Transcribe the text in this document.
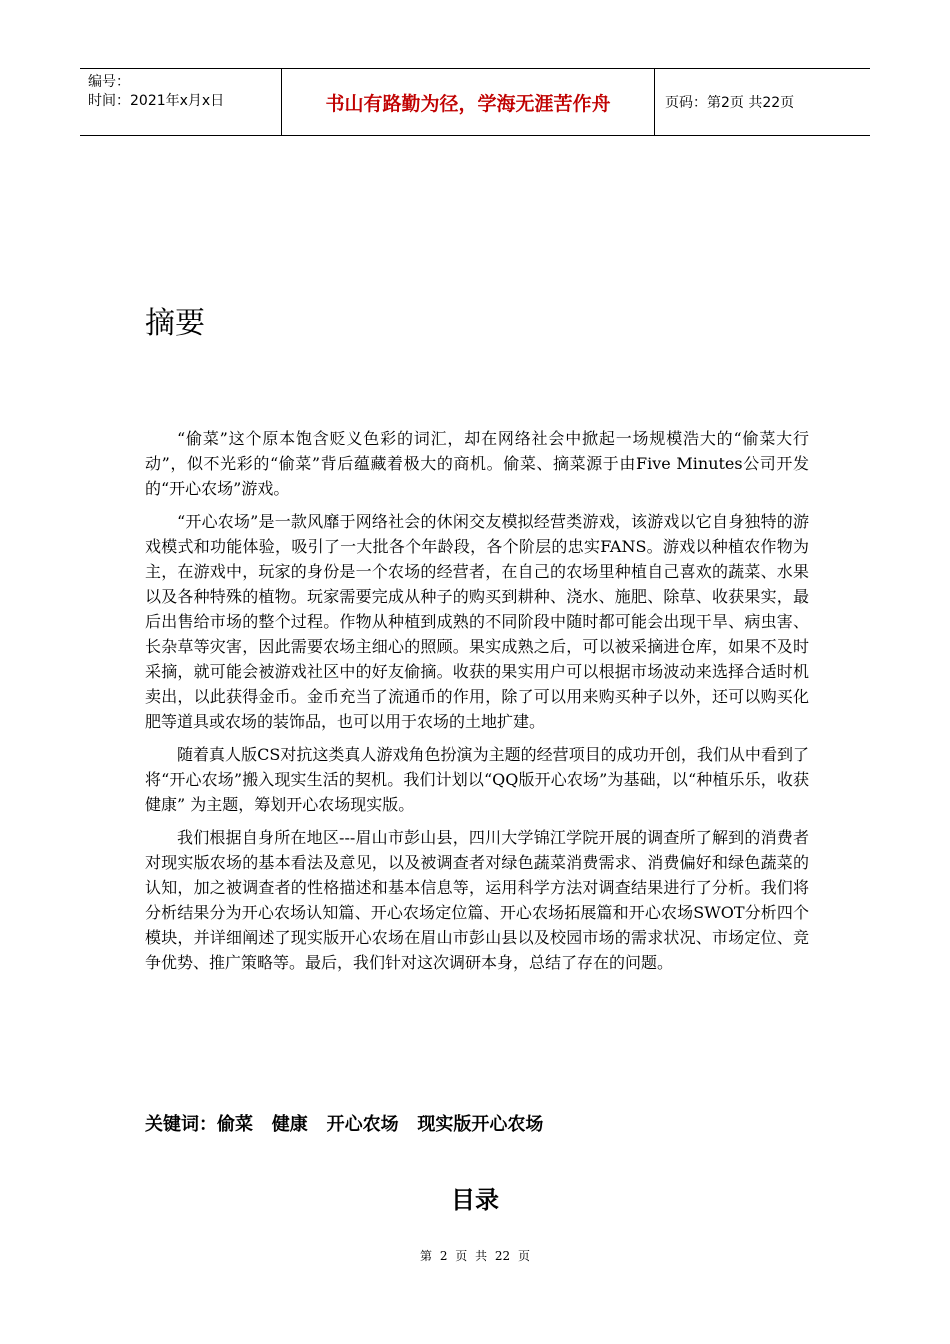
编号：
时间：2021年x月x日	书山有路勤为径，学海无涯苦作舟	页码：第2页 共22页
摘要

“偷菜”这个原本饱含贬义色彩的词汇，却在网络社会中掀起一场规模浩大的“偷菜大行动”，似不光彩的“偷菜”背后蕴藏着极大的商机。偷菜、摘菜源于由Five Minutes公司开发的“开心农场”游戏。

“开心农场”是一款风靡于网络社会的休闲交友模拟经营类游戏，该游戏以它自身独特的游戏模式和功能体验，吸引了一大批各个年龄段，各个阶层的忠实FANS。游戏以种植农作物为主，在游戏中，玩家的身份是一个农场的经营者，在自己的农场里种植自己喜欢的蔬菜、水果以及各种特殊的植物。玩家需要完成从种子的购买到耕种、浇水、施肥、除草、收获果实，最后出售给市场的整个过程。作物从种植到成熟的不同阶段中随时都可能会出现干旱、病虫害、长杂草等灾害，因此需要农场主细心的照顾。果实成熟之后，可以被采摘进仓库，如果不及时采摘，就可能会被游戏社区中的好友偷摘。收获的果实用户可以根据市场波动来选择合适时机卖出，以此获得金币。金币充当了流通币的作用，除了可以用来购买种子以外，还可以购买化肥等道具或农场的装饰品，也可以用于农场的土地扩建。

随着真人版CS对抗这类真人游戏角色扮演为主题的经营项目的成功开创，我们从中看到了将“开心农场”搬入现实生活的契机。我们计划以“QQ版开心农场”为基础，以“种植乐乐，收获健康” 为主题，筹划开心农场现实版。

我们根据自身所在地区---眉山市彭山县，四川大学锦江学院开展的调查所了解到的消费者对现实版农场的基本看法及意见，以及被调查者对绿色蔬菜消费需求、消费偏好和绿色蔬菜的认知，加之被调查者的性格描述和基本信息等，运用科学方法对调查结果进行了分析。我们将分析结果分为开心农场认知篇、开心农场定位篇、开心农场拓展篇和开心农场SWOT分析四个模块，并详细阐述了现实版开心农场在眉山市彭山县以及校园市场的需求状况、市场定位、竞争优势、推广策略等。最后，我们针对这次调研本身，总结了存在的问题。

关键词：偷菜   健康   开心农场   现实版开心农场
目录
第 2 页 共 22 页
